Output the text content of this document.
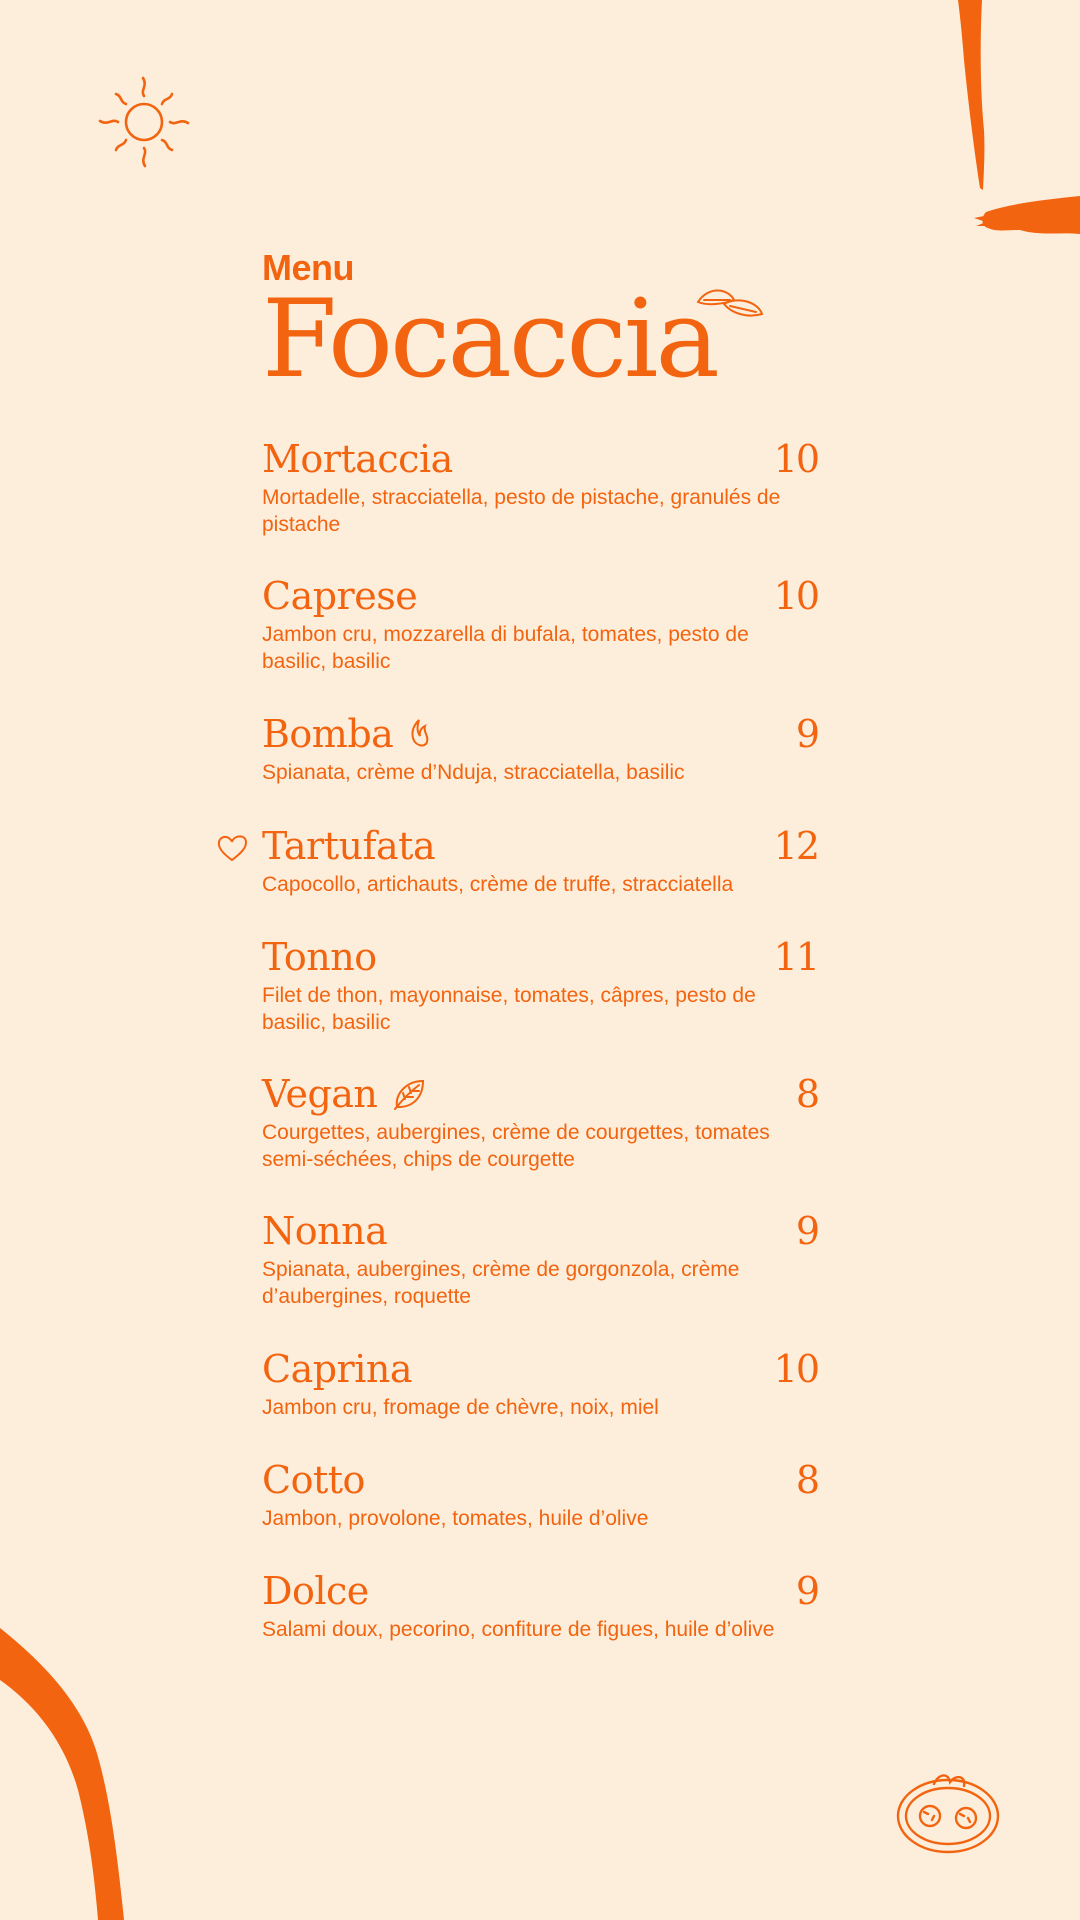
Menu
Focaccia
Mortaccia	10
Mortadelle, stracciatella, pesto de pistache, granulés de pistache
Caprese	10
Jambon cru, mozzarella di bufala, tomates, pesto de basilic, basilic
Bomba	9
Spianata, crème d’Nduja, stracciatella, basilic
Tartufata	12
Capocollo, artichauts, crème de truffe, stracciatella
Tonno	11
Filet de thon, mayonnaise, tomates, câpres, pesto de basilic, basilic
Vegan	8
Courgettes, aubergines, crème de courgettes, tomates semi-séchées, chips de courgette
Nonna	9
Spianata, aubergines, crème de gorgonzola, crème d’aubergines, roquette
Caprina	10
Jambon cru, fromage de chèvre, noix, miel
Cotto	8
Jambon, provolone, tomates, huile d’olive
Dolce	9
Salami doux, pecorino, confiture de figues, huile d’olive
